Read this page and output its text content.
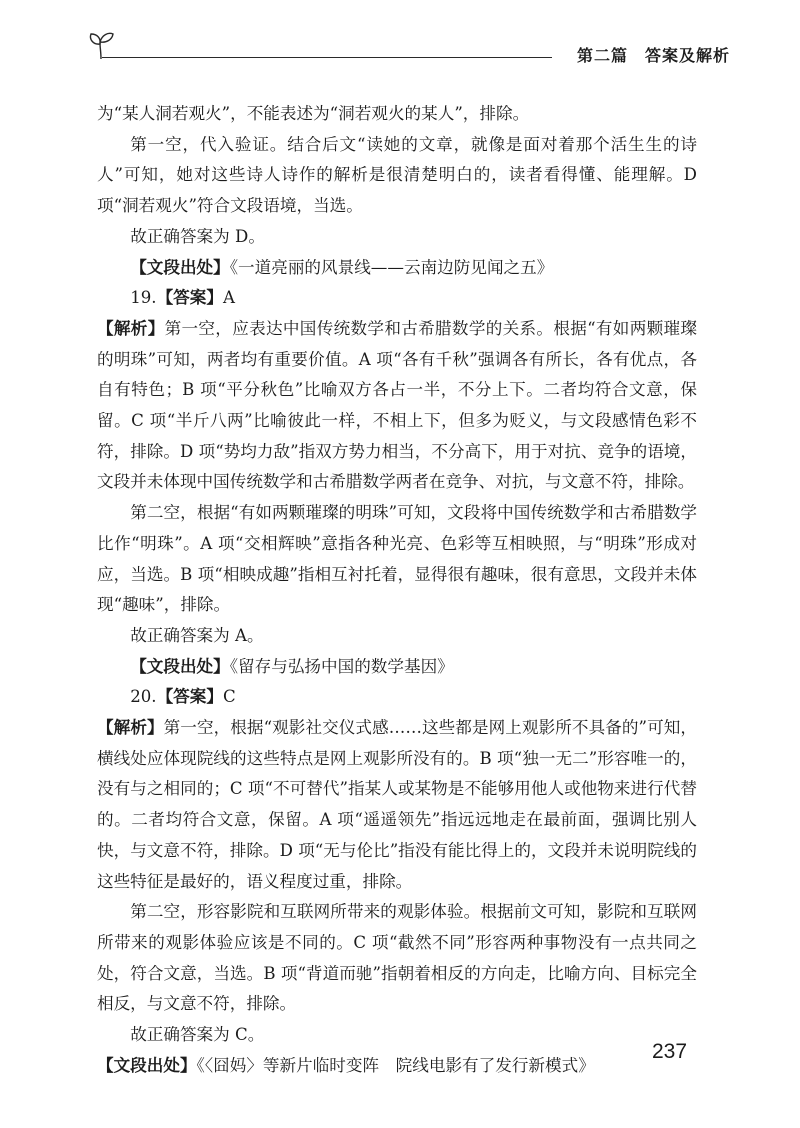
第二篇　答案及解析

为“某人洞若观火”，不能表述为“洞若观火的某人”，排除。

第一空，代入验证。结合后文“读她的文章，就像是面对着那个活生生的诗人”可知，她对这些诗人诗作的解析是很清楚明白的，读者看得懂、能理解。D 项“洞若观火”符合文段语境，当选。

故正确答案为 D。

【文段出处】《一道亮丽的风景线——云南边防见闻之五》

19.【答案】A

【解析】第一空，应表达中国传统数学和古希腊数学的关系。根据“有如两颗璀璨的明珠”可知，两者均有重要价值。A 项“各有千秋”强调各有所长，各有优点，各自有特色；B 项“平分秋色”比喻双方各占一半，不分上下。二者均符合文意，保留。C 项“半斤八两”比喻彼此一样，不相上下，但多为贬义，与文段感情色彩不符，排除。D 项“势均力敌”指双方势力相当，不分高下，用于对抗、竞争的语境，文段并未体现中国传统数学和古希腊数学两者在竞争、对抗，与文意不符，排除。

第二空，根据“有如两颗璀璨的明珠”可知，文段将中国传统数学和古希腊数学比作“明珠”。A 项“交相辉映”意指各种光亮、色彩等互相映照，与“明珠”形成对应，当选。B 项“相映成趣”指相互衬托着，显得很有趣味，很有意思，文段并未体现“趣味”，排除。

故正确答案为 A。

【文段出处】《留存与弘扬中国的数学基因》

20.【答案】C

【解析】第一空，根据“观影社交仪式感……这些都是网上观影所不具备的”可知，横线处应体现院线的这些特点是网上观影所没有的。B 项“独一无二”形容唯一的，没有与之相同的；C 项“不可替代”指某人或某物是不能够用他人或他物来进行代替的。二者均符合文意，保留。A 项“遥遥领先”指远远地走在最前面，强调比别人快，与文意不符，排除。D 项“无与伦比”指没有能比得上的，文段并未说明院线的这些特征是最好的，语义程度过重，排除。

第二空，形容影院和互联网所带来的观影体验。根据前文可知，影院和互联网所带来的观影体验应该是不同的。C 项“截然不同”形容两种事物没有一点共同之处，符合文意，当选。B 项“背道而驰”指朝着相反的方向走，比喻方向、目标完全相反，与文意不符，排除。

故正确答案为 C。

【文段出处】《〈囧妈〉等新片临时变阵　院线电影有了发行新模式》

237
